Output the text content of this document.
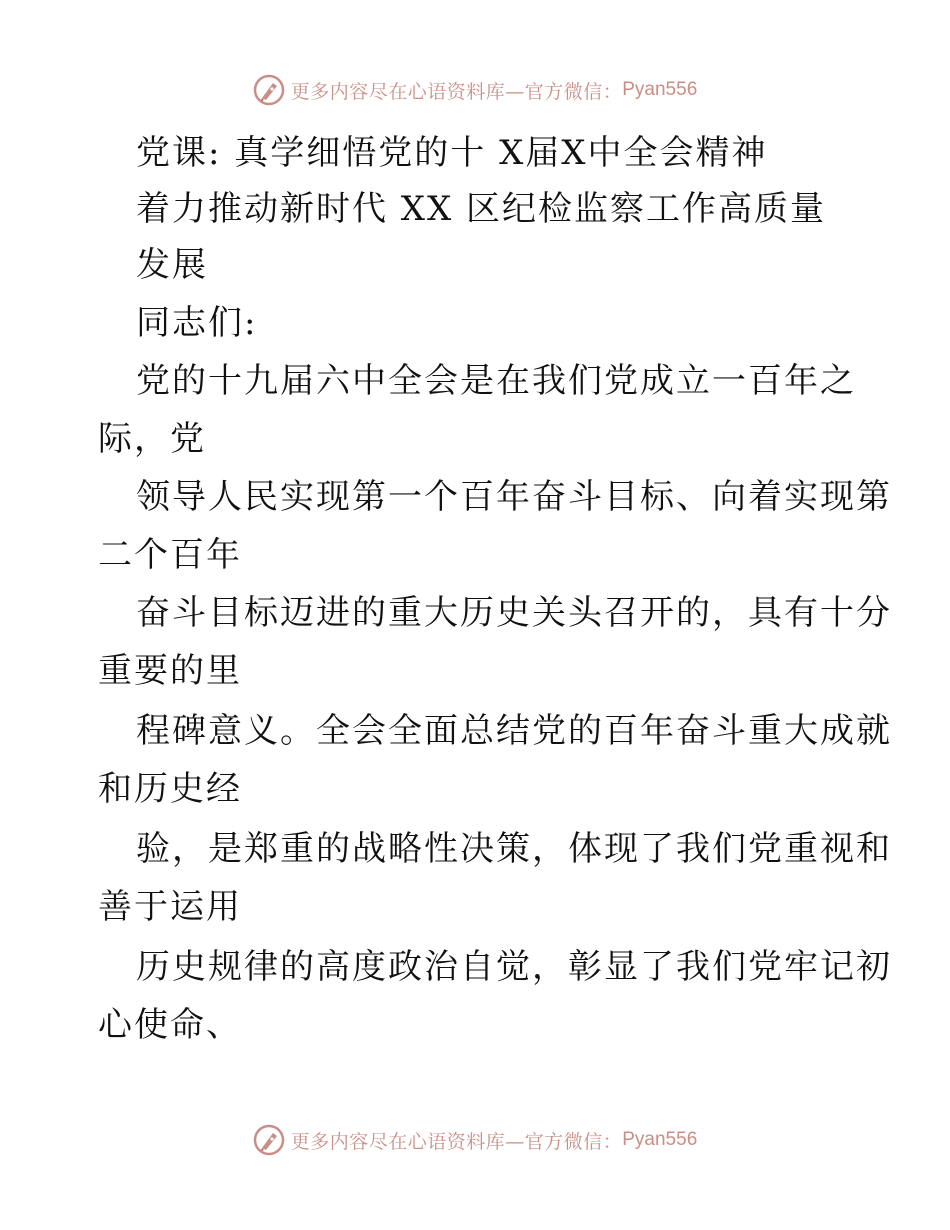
更多内容尽在心语资料库—官方微信： Pyan556
党课: 真学细悟党的十 X届X中全会精神
着力推动新时代 XX 区纪检监察工作高质量
发展
同志们:
党的十九届六中全会是在我们党成立一百年之
际，党
领导人民实现第一个百年奋斗目标、向着实现第
二个百年
奋斗目标迈进的重大历史关头召开的，具有十分
重要的里
程碑意义。全会全面总结党的百年奋斗重大成就
和历史经
验，是郑重的战略性决策，体现了我们党重视和
善于运用
历史规律的高度政治自觉，彰显了我们党牢记初
心使命、
更多内容尽在心语资料库—官方微信： Pyan556
